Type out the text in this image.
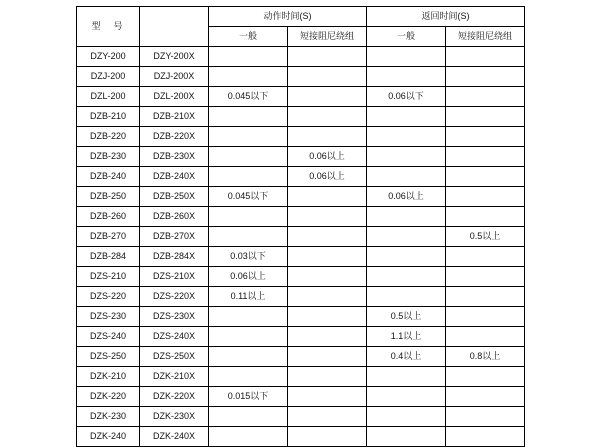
型　号		动作时间(S)		返回时间(S)	
		一般	短接阻尼绕组	一般	短接阻尼绕组
DZY-200	DZY-200X				
DZJ-200	DZJ-200X				
DZL-200	DZL-200X	0.045以下		0.06以下	
DZB-210	DZB-210X				
DZB-220	DZB-220X				
DZB-230	DZB-230X		0.06以上		
DZB-240	DZB-240X		0.06以上		
DZB-250	DZB-250X	0.045以下		0.06以上	
DZB-260	DZB-260X				
DZB-270	DZB-270X				0.5以上
DZB-284	DZB-284X	0.03以下			
DZS-210	DZS-210X	0.06以上			
DZS-220	DZS-220X	0.11以上			
DZS-230	DZS-230X			0.5以上	
DZS-240	DZS-240X			1.1以上	
DZS-250	DZS-250X			0.4以上	0.8以上
DZK-210	DZK-210X				
DZK-220	DZK-220X	0.015以下			
DZK-230	DZK-230X				
DZK-240	DZK-240X				
